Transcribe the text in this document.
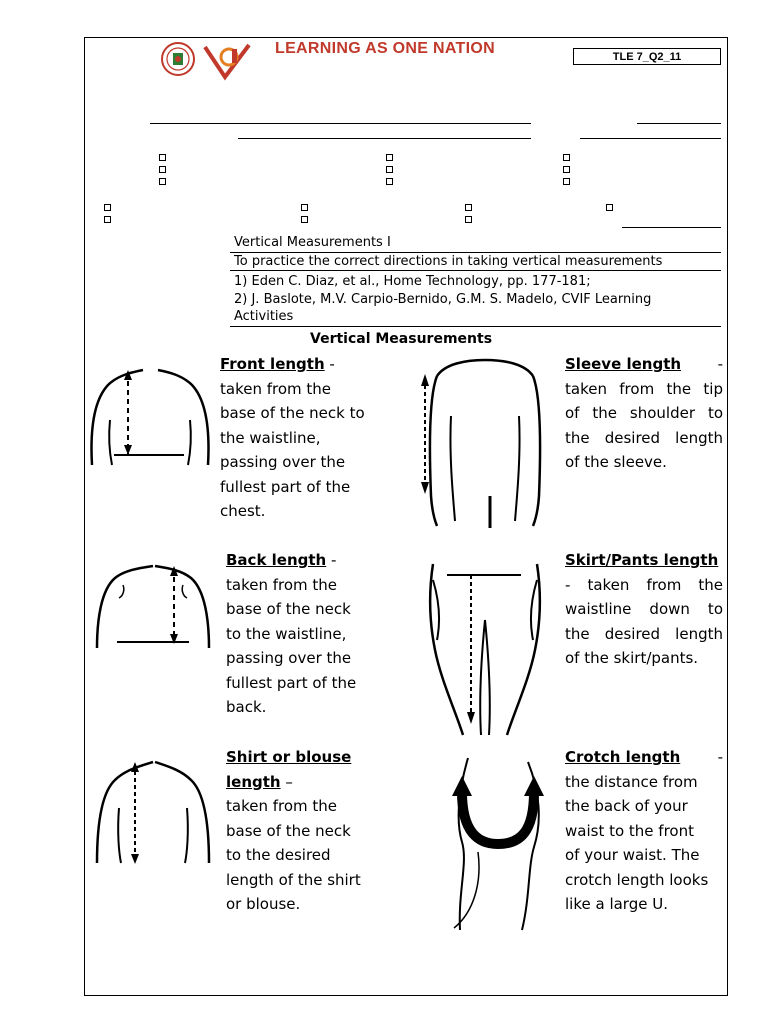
LEARNING AS ONE NATION	TLE 7_Q2_11
Vertical Measurements I
To practice the correct directions in taking vertical measurements
1) Eden C. Diaz, et al., Home Technology, pp. 177-181;
2) J. Baslote, M.V. Carpio-Bernido, G.M. S. Madelo, CVIF Learning
Activities
Vertical Measurements
Front length -
taken from the
base of the neck to
the waistline,
passing over the
fullest part of the
chest.
Sleeve length -
taken from the tip
of the shoulder to
the desired length
of the sleeve.
Back length -
taken from the
base of the neck
to the waistline,
passing over the
fullest part of the
back.
Skirt/Pants length
- taken from the
waistline down to
the desired length
of the skirt/pants.
Shirt or blouse
length –
taken from the
base of the neck
to the desired
length of the shirt
or blouse.
Crotch length -
the distance from
the back of your
waist to the front
of your waist. The
crotch length looks
like a large U.
